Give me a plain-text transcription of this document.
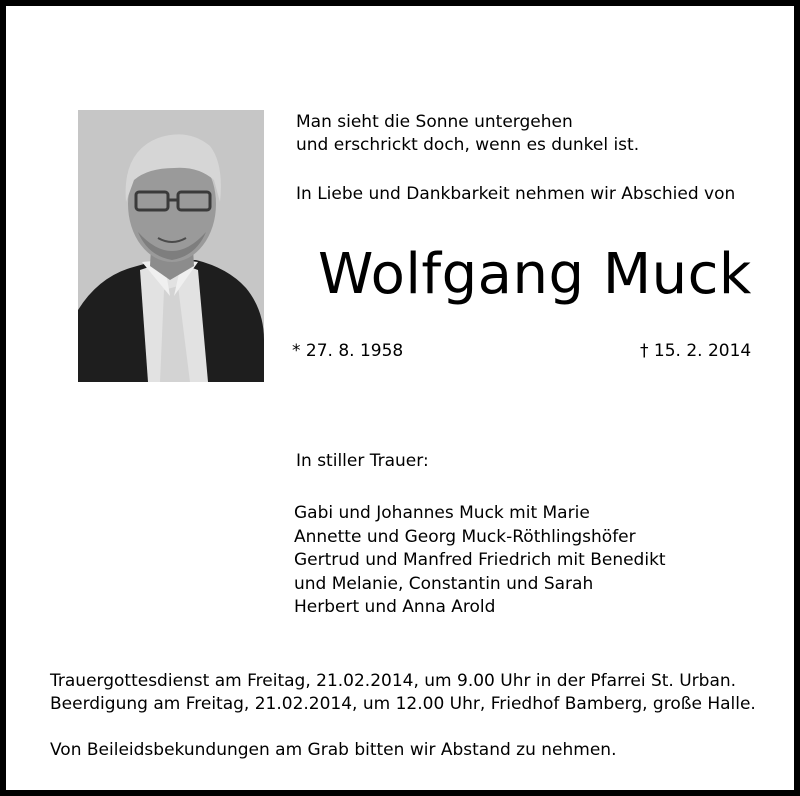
Man sieht die Sonne untergehen
und erschrickt doch, wenn es dunkel ist.
In Liebe und Dankbarkeit nehmen wir Abschied von
Wolfgang Muck
* 27. 8. 1958	† 15. 2. 2014
In stiller Trauer:
Gabi und Johannes Muck mit Marie
Annette und Georg Muck-Röthlingshöfer
Gertrud und Manfred Friedrich mit Benedikt
und Melanie, Constantin und Sarah
Herbert und Anna Arold
Trauergottesdienst am Freitag, 21.02.2014, um 9.00 Uhr in der Pfarrei St. Urban.
Beerdigung am Freitag, 21.02.2014, um 12.00 Uhr, Friedhof Bamberg, große Halle.
Von Beileidsbekundungen am Grab bitten wir Abstand zu nehmen.
